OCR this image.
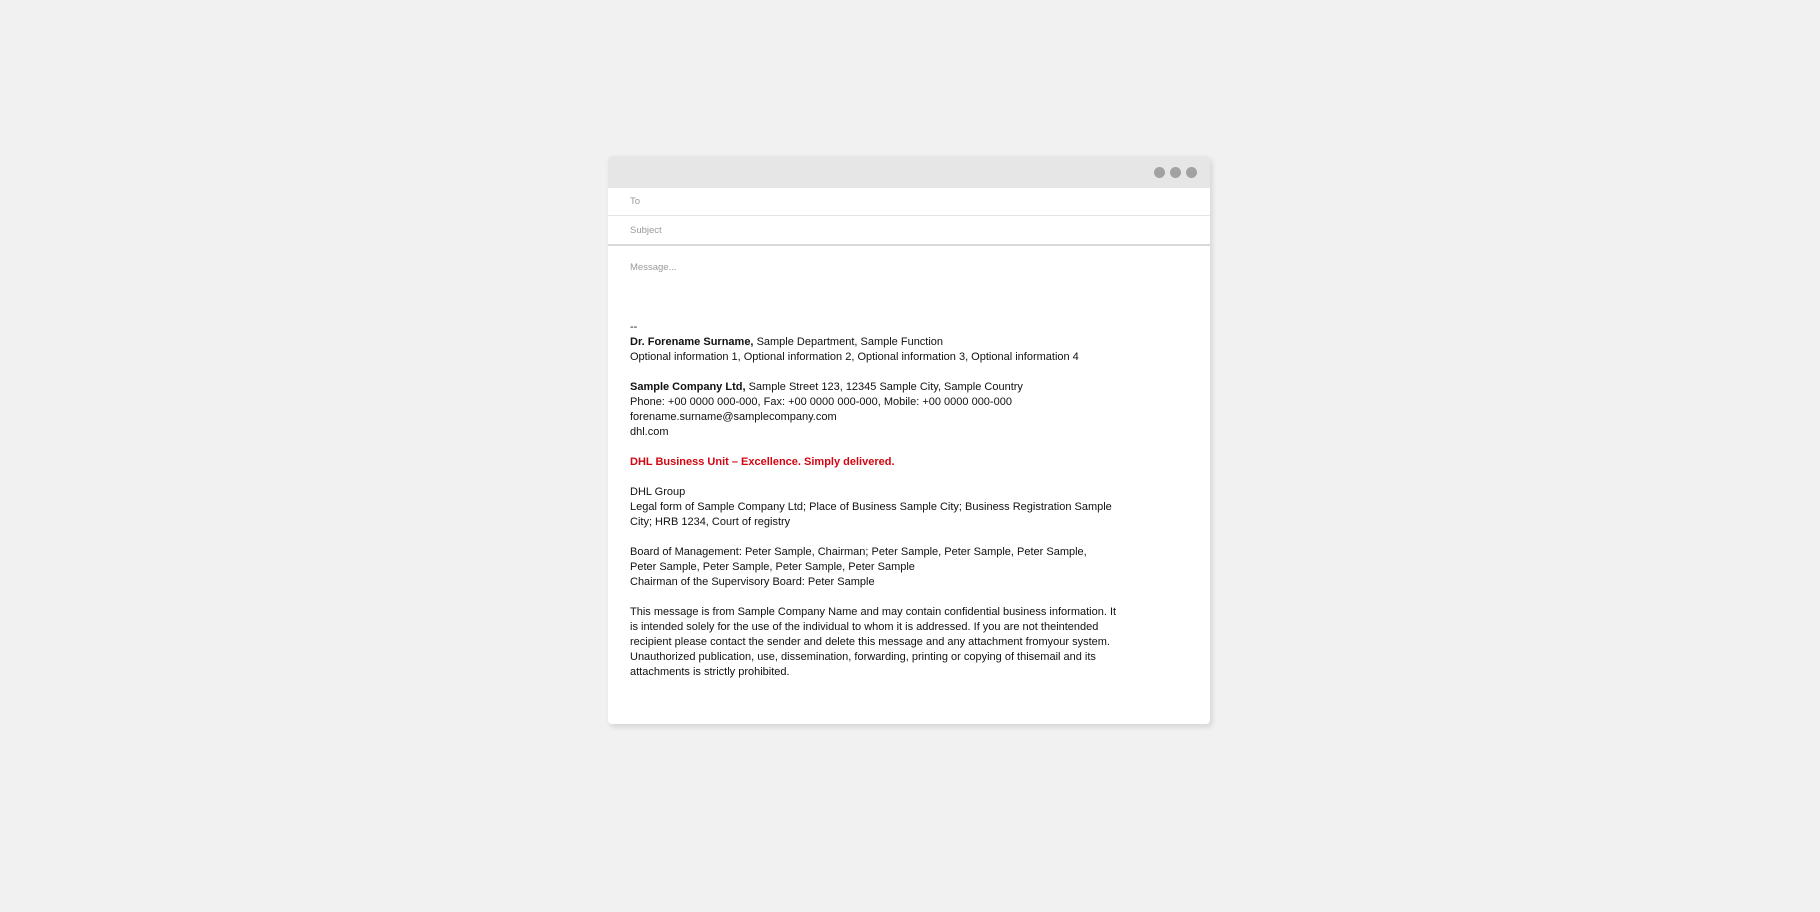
To
Subject
Message...
--
Dr. Forename Surname, Sample Department, Sample Function
Optional information 1, Optional information 2, Optional information 3, Optional information 4
Sample Company Ltd, Sample Street 123, 12345 Sample City, Sample Country
Phone: +00 0000 000-000, Fax: +00 0000 000-000, Mobile: +00 0000 000-000
forename.surname@samplecompany.com
dhl.com
DHL Business Unit – Excellence. Simply delivered.
DHL Group
Legal form of Sample Company Ltd; Place of Business Sample City; Business Registration Sample
City; HRB 1234, Court of registry
Board of Management: Peter Sample, Chairman; Peter Sample, Peter Sample, Peter Sample,
Peter Sample, Peter Sample, Peter Sample, Peter Sample
Chairman of the Supervisory Board: Peter Sample
This message is from Sample Company Name and may contain confidential business information. It
is intended solely for the use of the individual to whom it is addressed. If you are not theintended
recipient please contact the sender and delete this message and any attachment fromyour system.
Unauthorized publication, use, dissemination, forwarding, printing or copying of thisemail and its
attachments is strictly prohibited.
